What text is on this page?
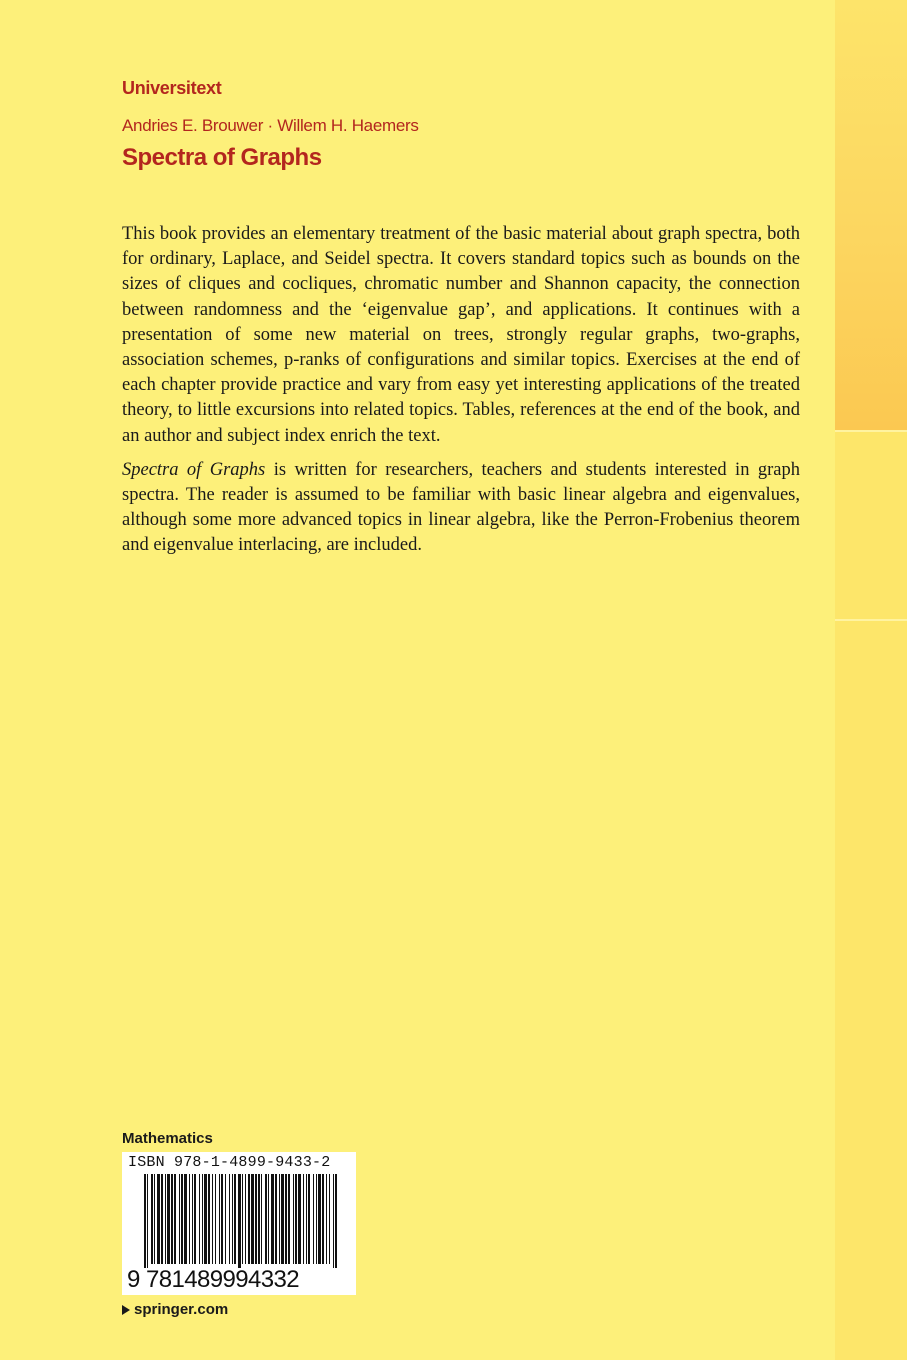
Universitext
Andries E. Brouwer · Willem H. Haemers
Spectra of Graphs

This book provides an elementary treatment of the basic material about graph spectra, both for ordinary, Laplace, and Seidel spectra. It covers standard topics such as bounds on the sizes of cliques and cocliques, chromatic number and Shannon capacity, the connection between randomness and the ‘eigenvalue gap’, and applications. It continues with a presentation of some new material on trees, strongly regular graphs, two-graphs, association schemes, p-ranks of configurations and similar topics. Exercises at the end of each chapter provide practice and vary from easy yet interesting applications of the treated theory, to little excursions into related topics. Tables, references at the end of the book, and an author and subject index enrich the text.

Spectra of Graphs is written for researchers, teachers and students interested in graph spectra. The reader is assumed to be familiar with basic linear algebra and eigenvalues, although some more advanced topics in linear algebra, like the Perron-Frobenius theorem and eigenvalue interlacing, are included.

Mathematics
ISBN 978-1-4899-9433-2
9 781489994332
springer.com
